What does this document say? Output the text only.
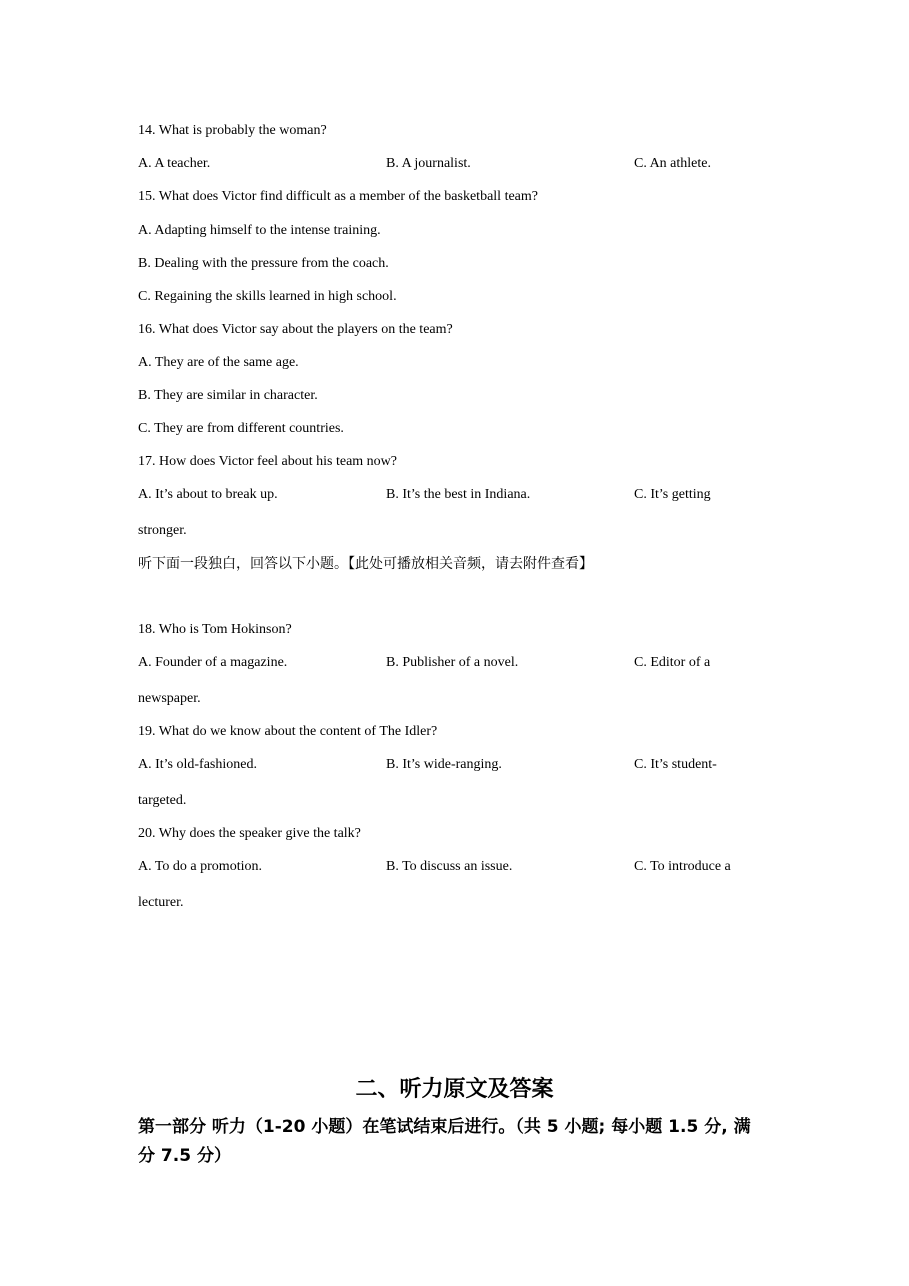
14. What is probably the woman?
A. A teacher.	B. A journalist.	C. An athlete.
15. What does Victor find difficult as a member of the basketball team?
A. Adapting himself to the intense training.
B. Dealing with the pressure from the coach.
C. Regaining the skills learned in high school.
16. What does Victor say about the players on the team?
A. They are of the same age.
B. They are similar in character.
C. They are from different countries.
17. How does Victor feel about his team now?
A. It’s about to break up.	B. It’s the best in Indiana.	C. It’s getting
stronger.
听下面一段独白，回答以下小题。【此处可播放相关音频，请去附件查看】
18. Who is Tom Hokinson?
A. Founder of a magazine.	B. Publisher of a novel.	C. Editor of a
newspaper.
19. What do we know about the content of The Idler?
A. It’s old-fashioned.	B. It’s wide-ranging.	C. It’s student-
targeted.
20. Why does the speaker give the talk?
A. To do a promotion.	B. To discuss an issue.	C. To introduce a
lecturer.
二、听力原文及答案
第一部分 听力（1-20 小题）在笔试结束后进行。（共 5 小题; 每小题 1.5 分, 满
分 7.5 分）
